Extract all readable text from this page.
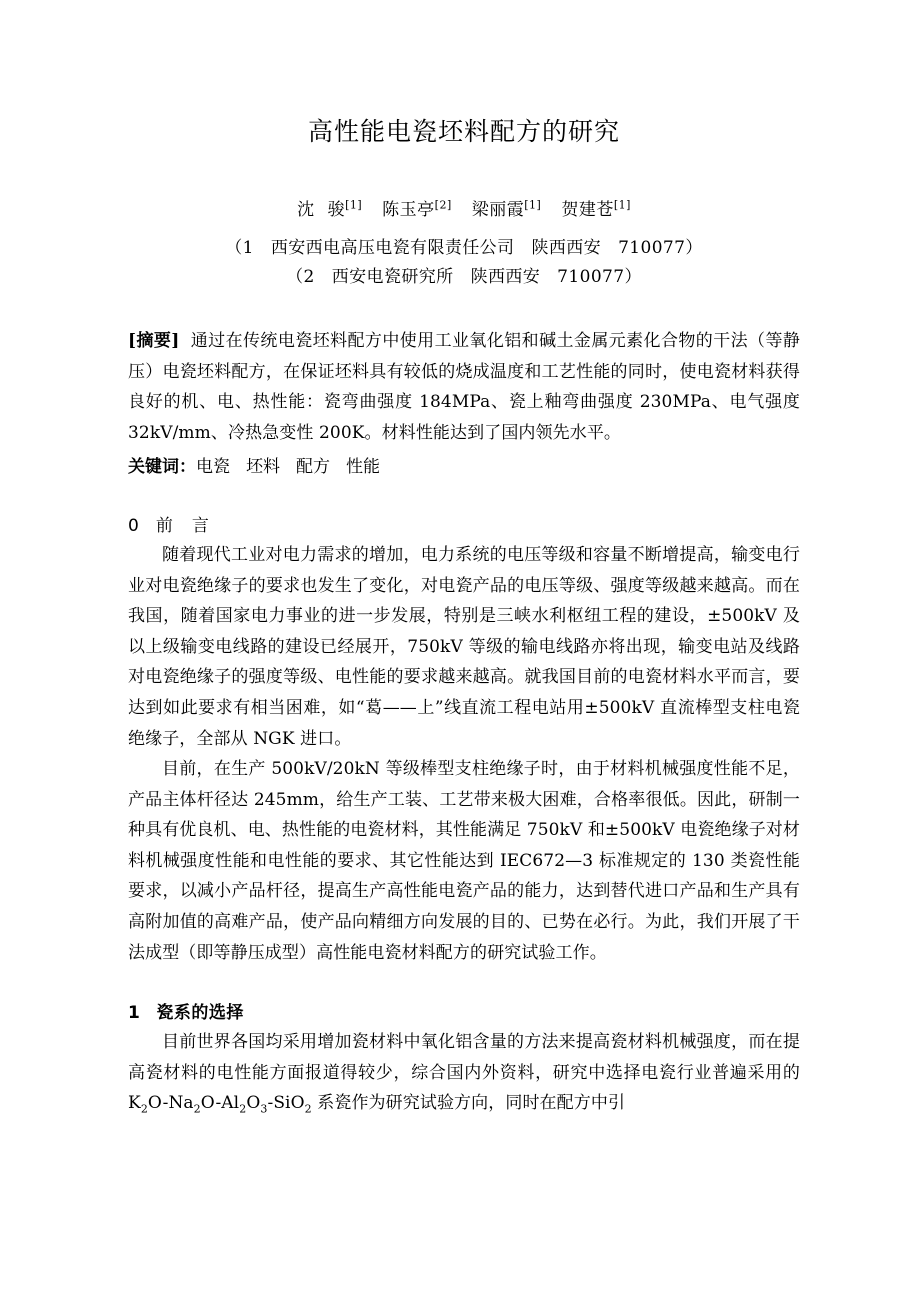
高性能电瓷坯料配方的研究
沈 骏[1] 陈玉亭[2] 梁丽霞[1] 贺建苍[1]
（1 西安西电高压电瓷有限责任公司 陕西西安 710077）
（2 西安电瓷研究所 陕西西安 710077）
[摘要] 通过在传统电瓷坯料配方中使用工业氧化铝和碱土金属元素化合物的干法（等静压）电瓷坯料配方，在保证坯料具有较低的烧成温度和工艺性能的同时，使电瓷材料获得良好的机、电、热性能：瓷弯曲强度 184MPa、瓷上釉弯曲强度 230MPa、电气强度 32kV/mm、冷热急变性 200K。材料性能达到了国内领先水平。
关键词：电瓷 坯料 配方 性能
0 前　言

随着现代工业对电力需求的增加，电力系统的电压等级和容量不断增提高，输变电行业对电瓷绝缘子的要求也发生了变化，对电瓷产品的电压等级、强度等级越来越高。而在我国，随着国家电力事业的进一步发展，特别是三峡水利枢纽工程的建设，±500kV 及以上级输变电线路的建设已经展开，750kV 等级的输电线路亦将出现，输变电站及线路对电瓷绝缘子的强度等级、电性能的要求越来越高。就我国目前的电瓷材料水平而言，要达到如此要求有相当困难，如“葛——上”线直流工程电站用±500kV 直流棒型支柱电瓷绝缘子，全部从 NGK 进口。

目前，在生产 500kV/20kN 等级棒型支柱绝缘子时，由于材料机械强度性能不足，产品主体杆径达 245mm，给生产工装、工艺带来极大困难，合格率很低。因此，研制一种具有优良机、电、热性能的电瓷材料，其性能满足 750kV 和±500kV 电瓷绝缘子对材料机械强度性能和电性能的要求、其它性能达到 IEC672—3 标准规定的 130 类瓷性能要求，以减小产品杆径，提高生产高性能电瓷产品的能力，达到替代进口产品和生产具有高附加值的高难产品，使产品向精细方向发展的目的、已势在必行。为此，我们开展了干法成型（即等静压成型）高性能电瓷材料配方的研究试验工作。

1 瓷系的选择

目前世界各国均采用增加瓷材料中氧化铝含量的方法来提高瓷材料机械强度，而在提高瓷材料的电性能方面报道得较少，综合国内外资料，研究中选择电瓷行业普遍采用的 $K_2O-Na_2O-Al_2O_3-SiO_2$ 系瓷作为研究试验方向，同时在配方中引
